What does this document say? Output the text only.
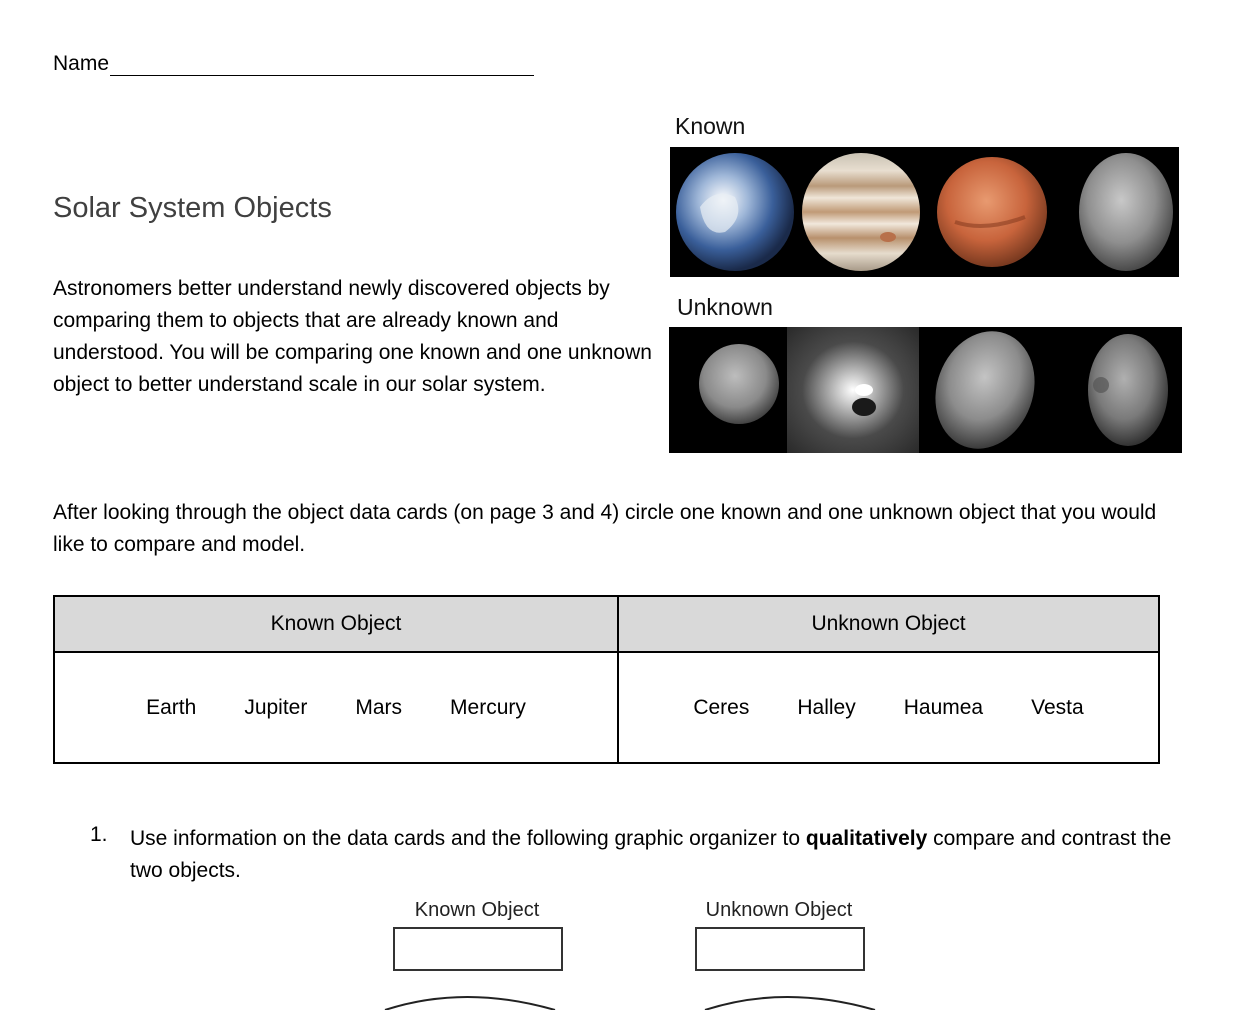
Name
Solar System Objects
Astronomers better understand newly discovered objects by comparing them to objects that are already known and understood. You will be comparing one known and one unknown object to better understand scale in our solar system.
Known
Unknown
After looking through the object data cards (on page 3 and 4) circle one known and one unknown object that you would like to compare and model.
Known Object	Unknown Object

Earth Jupiter Mars Mercury	Ceres Halley Haumea Vesta
1. Use information on the data cards and the following graphic organizer to qualitatively compare and contrast the two objects.
Known Object	Unknown Object
